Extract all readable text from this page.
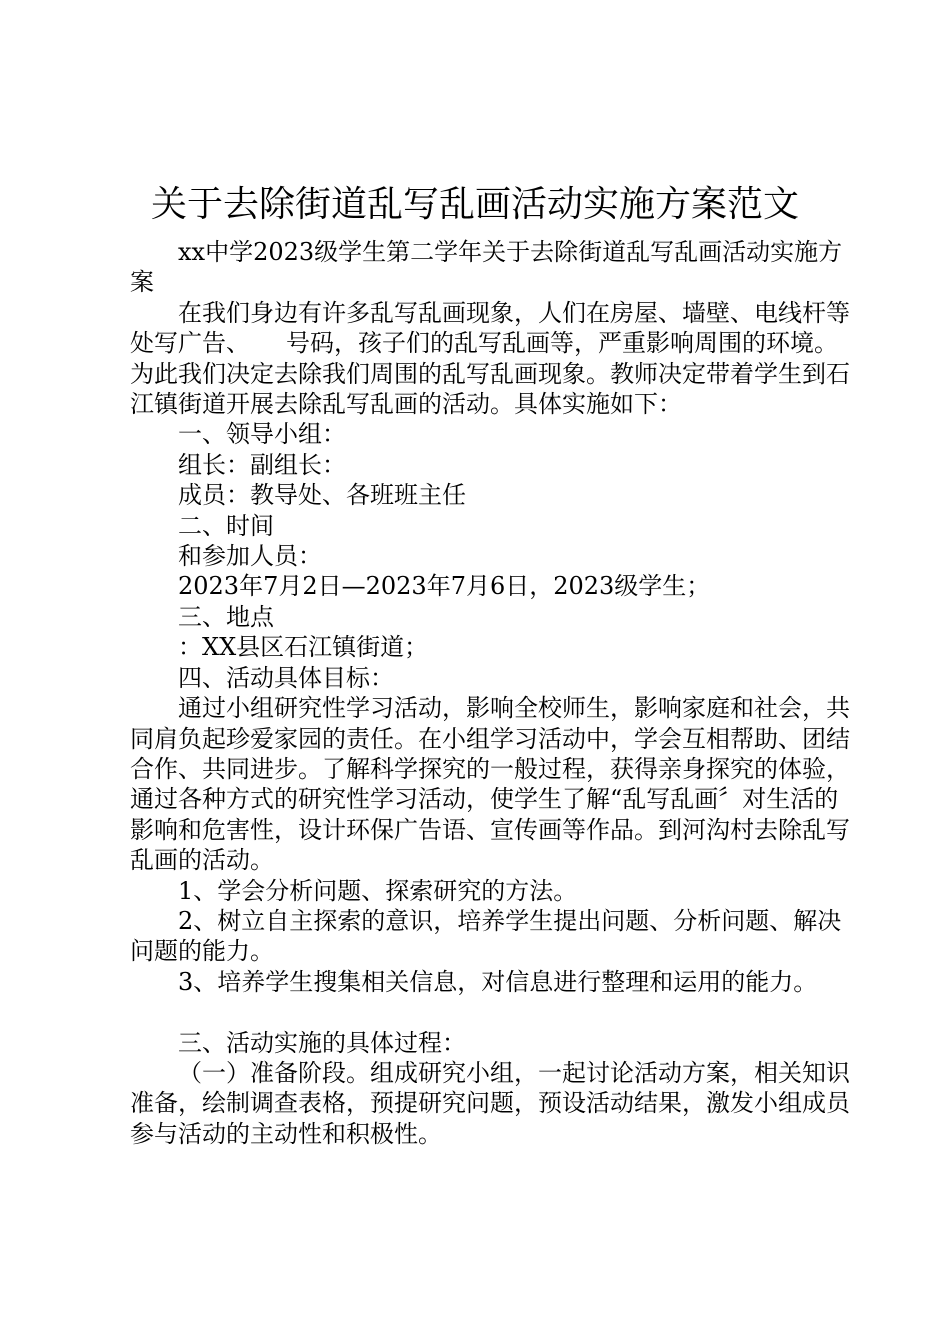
关于去除街道乱写乱画活动实施方案范文

xx中学2023级学生第二学年关于去除街道乱写乱画活动实施方案

在我们身边有许多乱写乱画现象，人们在房屋、墙壁、电线杆等处写广告、 号码，孩子们的乱写乱画等，严重影响周围的环境。为此我们决定去除我们周围的乱写乱画现象。教师决定带着学生到石江镇街道开展去除乱写乱画的活动。具体实施如下：

一、领导小组：

组长：副组长：

成员：教导处、各班班主任

二、时间

和参加人员：

2023年7月2日—2023年7月6日，2023级学生；

三、地点

：XX县区石江镇街道；

四、活动具体目标：

通过小组研究性学习活动，影响全校师生，影响家庭和社会，共同肩负起珍爱家园的责任。在小组学习活动中，学会互相帮助、团结合作、共同进步。了解科学探究的一般过程，获得亲身探究的体验，通过各种方式的研究性学习活动，使学生了解“乱写乱画〞对生活的影响和危害性，设计环保广告语、宣传画等作品。到河沟村去除乱写乱画的活动。

1、学会分析问题、探索研究的方法。

2、树立自主探索的意识，培养学生提出问题、分析问题、解决问题的能力。

3、培养学生搜集相关信息，对信息进行整理和运用的能力。

三、活动实施的具体过程：

（一）准备阶段。组成研究小组，一起讨论活动方案，相关知识准备，绘制调查表格，预提研究问题，预设活动结果，激发小组成员参与活动的主动性和积极性。
